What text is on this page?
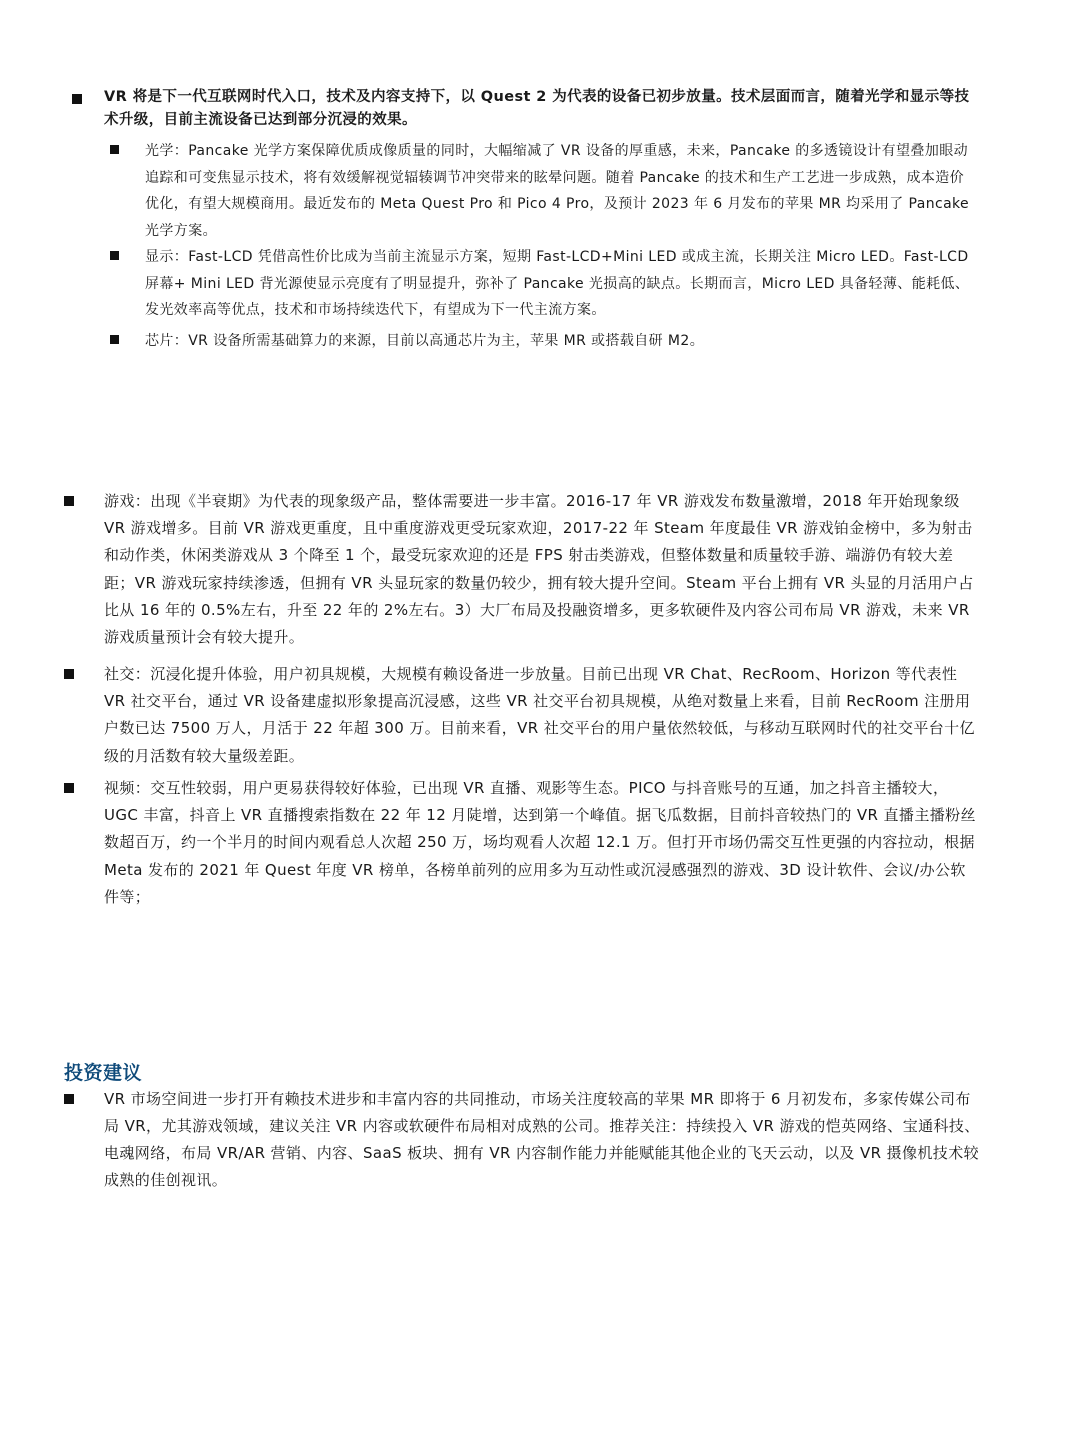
VR 将是下一代互联网时代入口，技术及内容支持下，以 Quest 2 为代表的设备已初步放量。技术层面而言，随着光学和显示等技术升级，目前主流设备已达到部分沉浸的效果。
光学：Pancake 光学方案保障优质成像质量的同时，大幅缩减了 VR 设备的厚重感，未来，Pancake 的多透镜设计有望叠加眼动追踪和可变焦显示技术，将有效缓解视觉辐辏调节冲突带来的眩晕问题。随着 Pancake 的技术和生产工艺进一步成熟，成本造价优化，有望大规模商用。最近发布的 Meta Quest Pro 和 Pico 4 Pro，及预计 2023 年 6 月发布的苹果 MR 均采用了 Pancake 光学方案。
显示：Fast-LCD 凭借高性价比成为当前主流显示方案，短期 Fast-LCD+Mini LED 或成主流，长期关注 Micro LED。Fast-LCD 屏幕+ Mini LED 背光源使显示亮度有了明显提升，弥补了 Pancake 光损高的缺点。长期而言，Micro LED 具备轻薄、能耗低、发光效率高等优点，技术和市场持续迭代下，有望成为下一代主流方案。
芯片：VR 设备所需基础算力的来源，目前以高通芯片为主，苹果 MR 或搭载自研 M2。
游戏：出现《半衰期》为代表的现象级产品，整体需要进一步丰富。2016-17 年 VR 游戏发布数量激增，2018 年开始现象级 VR 游戏增多。目前 VR 游戏更重度，且中重度游戏更受玩家欢迎，2017-22 年 Steam 年度最佳 VR 游戏铂金榜中，多为射击和动作类，休闲类游戏从 3 个降至 1 个，最受玩家欢迎的还是 FPS 射击类游戏，但整体数量和质量较手游、端游仍有较大差距；VR 游戏玩家持续渗透，但拥有 VR 头显玩家的数量仍较少，拥有较大提升空间。Steam 平台上拥有 VR 头显的月活用户占比从 16 年的 0.5%左右，升至 22 年的 2%左右。3）大厂布局及投融资增多，更多软硬件及内容公司布局 VR 游戏，未来 VR 游戏质量预计会有较大提升。
社交：沉浸化提升体验，用户初具规模，大规模有赖设备进一步放量。目前已出现 VR Chat、RecRoom、Horizon 等代表性 VR 社交平台，通过 VR 设备建虚拟形象提高沉浸感，这些 VR 社交平台初具规模，从绝对数量上来看，目前 RecRoom 注册用户数已达 7500 万人，月活于 22 年超 300 万。目前来看，VR 社交平台的用户量依然较低，与移动互联网时代的社交平台十亿级的月活数有较大量级差距。
视频：交互性较弱，用户更易获得较好体验，已出现 VR 直播、观影等生态。PICO 与抖音账号的互通，加之抖音主播较大，UGC 丰富，抖音上 VR 直播搜索指数在 22 年 12 月陡增，达到第一个峰值。据飞瓜数据，目前抖音较热门的 VR 直播主播粉丝数超百万，约一个半月的时间内观看总人次超 250 万，场均观看人次超 12.1 万。但打开市场仍需交互性更强的内容拉动，根据 Meta 发布的 2021 年 Quest 年度 VR 榜单，各榜单前列的应用多为互动性或沉浸感强烈的游戏、3D 设计软件、会议/办公软件等；
投资建议
VR 市场空间进一步打开有赖技术进步和丰富内容的共同推动，市场关注度较高的苹果 MR 即将于 6 月初发布，多家传媒公司布局 VR，尤其游戏领域，建议关注 VR 内容或软硬件布局相对成熟的公司。推荐关注：持续投入 VR 游戏的恺英网络、宝通科技、电魂网络，布局 VR/AR 营销、内容、SaaS 板块、拥有 VR 内容制作能力并能赋能其他企业的飞天云动，以及 VR 摄像机技术较成熟的佳创视讯。
